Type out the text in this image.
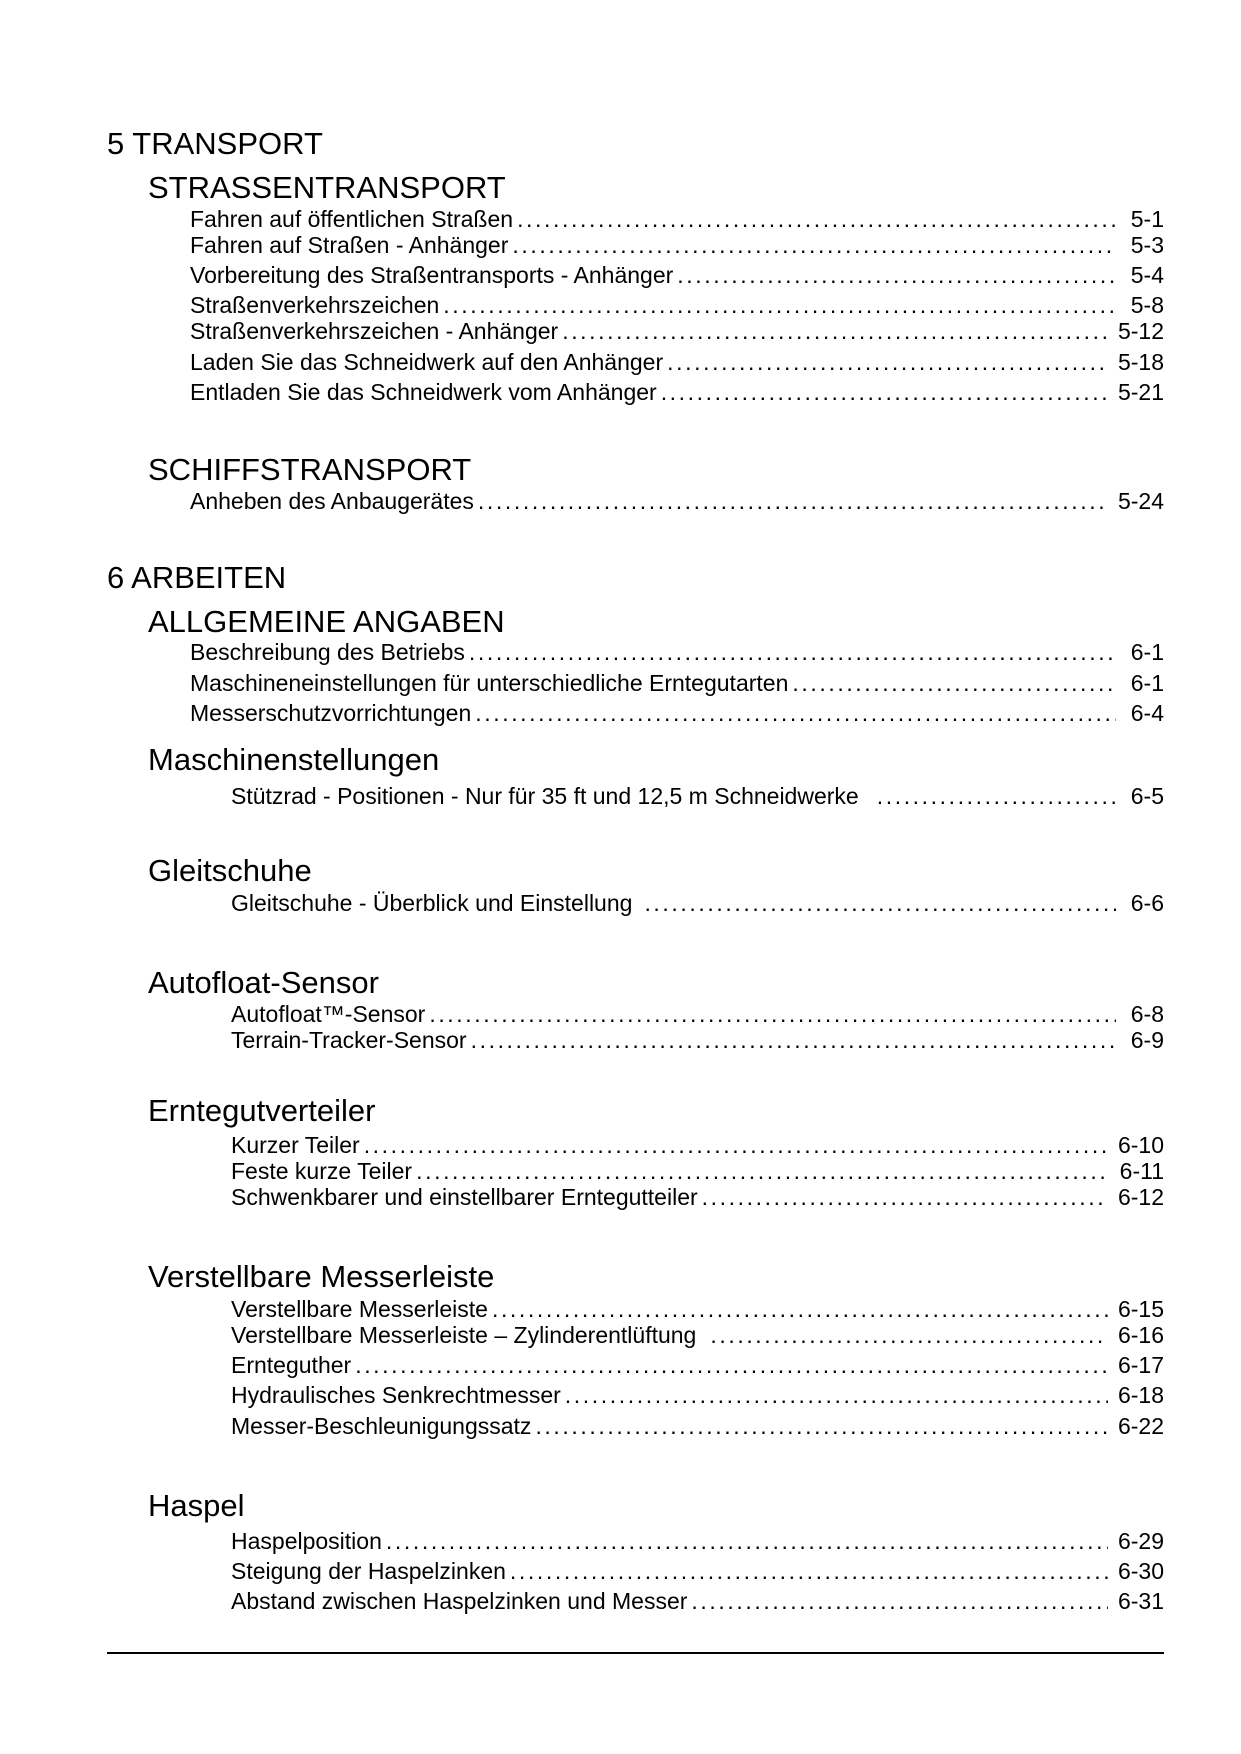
5 TRANSPORT
STRASSENTRANSPORT
Fahren auf öffentlichen Straßen .....	5-1
Fahren auf Straßen - Anhänger .....	5-3
Vorbereitung des Straßentransports - Anhänger .....	5-4
Straßenverkehrszeichen .....	5-8
Straßenverkehrszeichen - Anhänger .....	5-12
Laden Sie das Schneidwerk auf den Anhänger .....	5-18
Entladen Sie das Schneidwerk vom Anhänger .....	5-21
SCHIFFSTRANSPORT
Anheben des Anbaugerätes .....	5-24
6 ARBEITEN
ALLGEMEINE ANGABEN
Beschreibung des Betriebs .....	6-1
Maschineneinstellungen für unterschiedliche Erntegutarten .....	6-1
Messerschutzvorrichtungen .....	6-4
Maschinenstellungen
Stützrad - Positionen - Nur für 35 ft und 12,5 m Schneidwerke .....	6-5
Gleitschuhe
Gleitschuhe - Überblick und Einstellung .....	6-6
Autofloat-Sensor
Autofloat™-Sensor .....	6-8
Terrain-Tracker-Sensor .....	6-9
Erntegutverteiler
Kurzer Teiler .....	6-10
Feste kurze Teiler .....	6-11
Schwenkbarer und einstellbarer Erntegutteiler .....	6-12
Verstellbare Messerleiste
Verstellbare Messerleiste .....	6-15
Verstellbare Messerleiste – Zylinderentlüftung .....	6-16
Ernteguther .....	6-17
Hydraulisches Senkrechtmesser .....	6-18
Messer-Beschleunigungssatz .....	6-22
Haspel
Haspelposition .....	6-29
Steigung der Haspelzinken .....	6-30
Abstand zwischen Haspelzinken und Messer .....	6-31
